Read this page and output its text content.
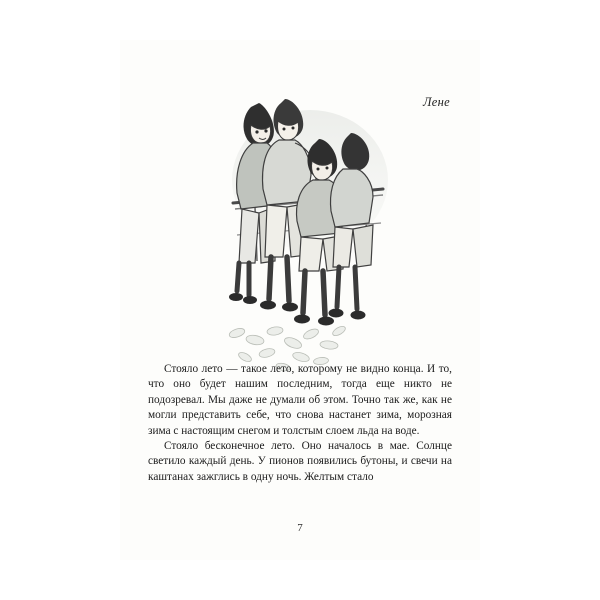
Лене

Стояло лето — такое лето, которому не видно конца. И то, что оно будет нашим последним, тогда еще никто не подозревал. Мы даже не думали об этом. Точно так же, как не могли представить себе, что снова настанет зима, морозная зима с настоящим снегом и толстым слоем льда на воде.

Стояло бесконечное лето. Оно началось в мае. Солнце светило каждый день. У пионов появились бутоны, и свечи на каштанах зажглись в одну ночь. Желтым стало

7
